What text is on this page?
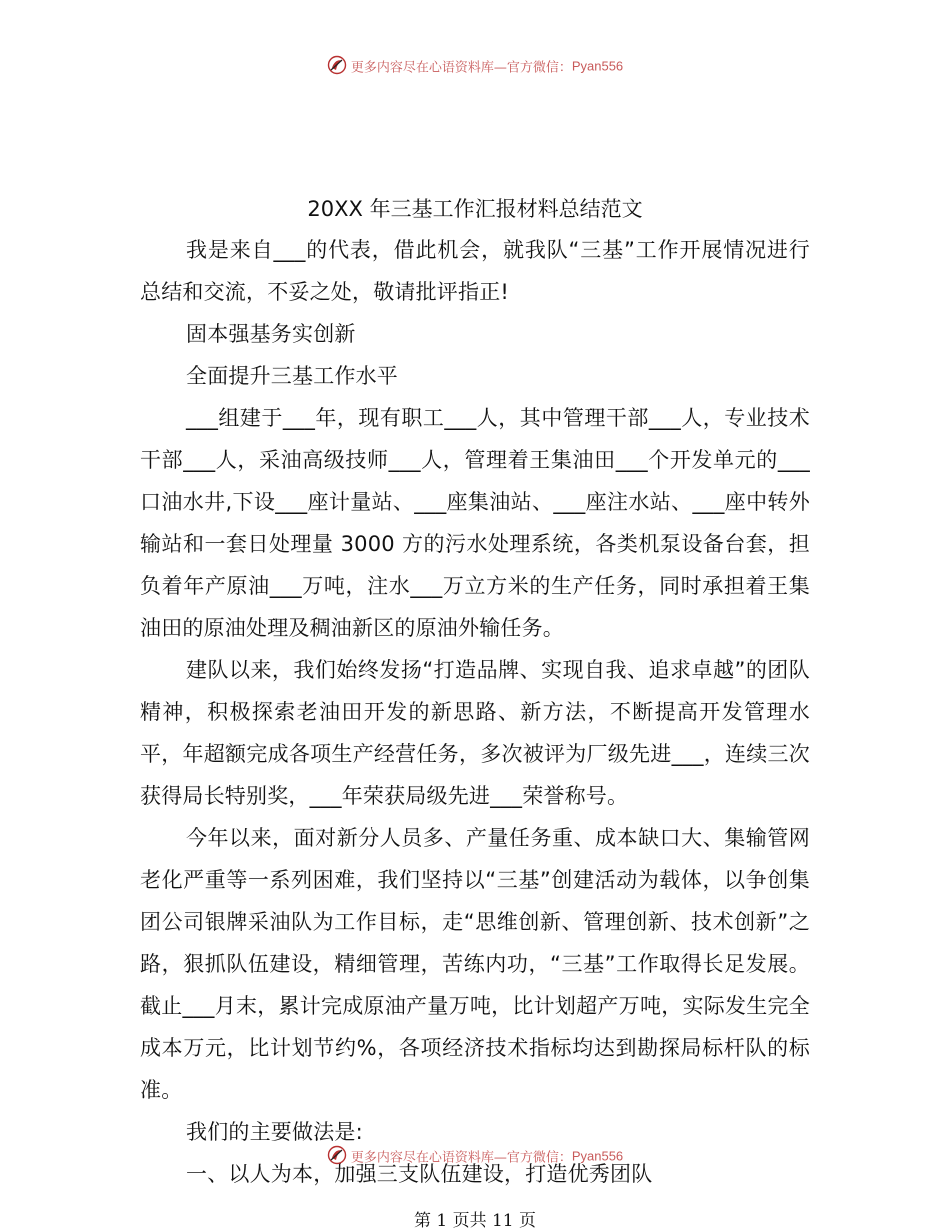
更多内容尽在心语资料库—官方微信：Pyan556
20XX 年三基工作汇报材料总结范文
我是来自___的代表，借此机会，就我队“三基”工作开展情况进行总结和交流，不妥之处，敬请批评指正!
固本强基务实创新
全面提升三基工作水平
___组建于___年，现有职工___人，其中管理干部___人，专业技术干部___人，采油高级技师___人，管理着王集油田___个开发单元的___口油水井,下设___座计量站、___座集油站、___座注水站、___座中转外输站和一套日处理量 3000 方的污水处理系统，各类机泵设备台套，担负着年产原油___万吨，注水___万立方米的生产任务，同时承担着王集油田的原油处理及稠油新区的原油外输任务。
建队以来，我们始终发扬“打造品牌、实现自我、追求卓越”的团队精神，积极探索老油田开发的新思路、新方法，不断提高开发管理水平，年超额完成各项生产经营任务，多次被评为厂级先进___，连续三次获得局长特别奖，___年荣获局级先进___荣誉称号。
今年以来，面对新分人员多、产量任务重、成本缺口大、集输管网老化严重等一系列困难，我们坚持以“三基”创建活动为载体，以争创集团公司银牌采油队为工作目标，走“思维创新、管理创新、技术创新”之路，狠抓队伍建设，精细管理，苦练内功，“三基”工作取得长足发展。截止___月末，累计完成原油产量万吨，比计划超产万吨，实际发生完全成本万元，比计划节约%，各项经济技术指标均达到勘探局标杆队的标准。
我们的主要做法是:
一、以人为本，加强三支队伍建设，打造优秀团队
更多内容尽在心语资料库—官方微信：Pyan556
第 1 页共 11 页
